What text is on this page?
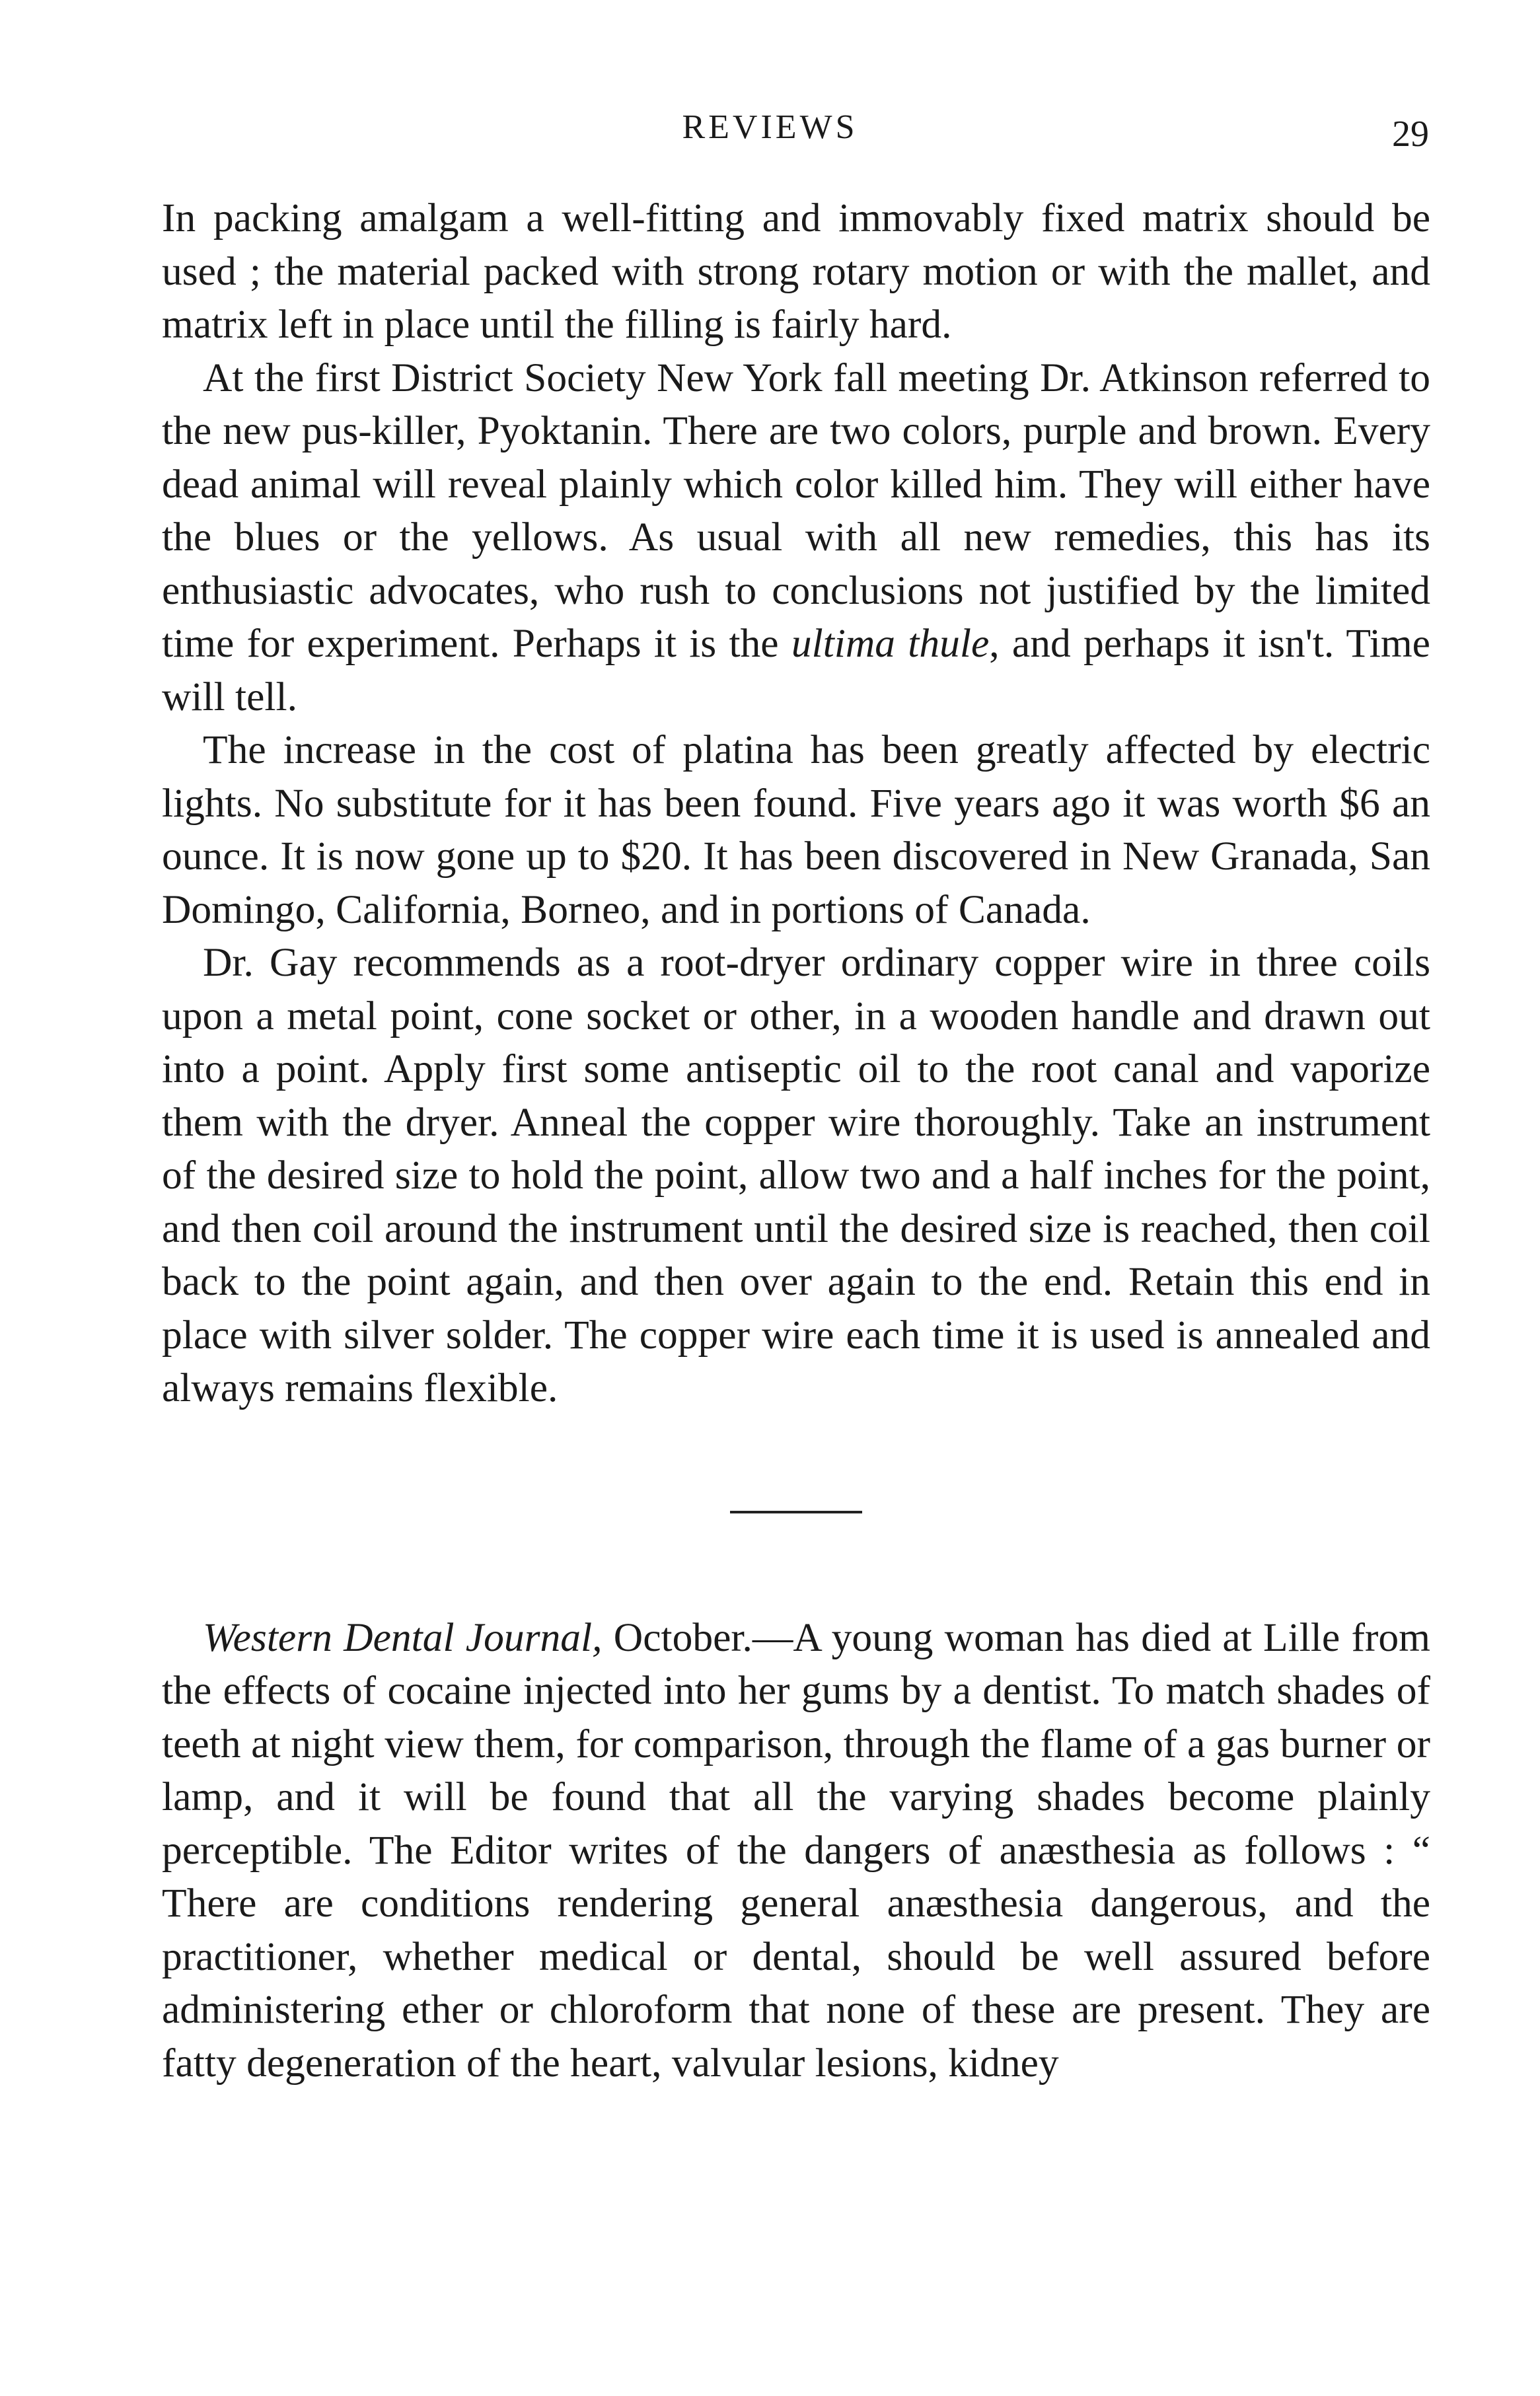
REVIEWS	29

In packing amalgam a well-fitting and immovably fixed matrix should be used ; the material packed with strong rotary motion or with the mallet, and matrix left in place until the filling is fairly hard.

At the first District Society New York fall meeting Dr. Atkinson referred to the new pus-killer, Pyoktanin. There are two colors, purple and brown. Every dead animal will reveal plainly which color killed him. They will either have the blues or the yellows. As usual with all new remedies, this has its enthusiastic advocates, who rush to conclusions not justified by the limited time for experiment. Perhaps it is the ultima thule, and perhaps it isn't. Time will tell.

The increase in the cost of platina has been greatly affected by electric lights. No substitute for it has been found. Five years ago it was worth $6 an ounce. It is now gone up to $20. It has been discovered in New Granada, San Domingo, California, Borneo, and in portions of Canada.

Dr. Gay recommends as a root-dryer ordinary copper wire in three coils upon a metal point, cone socket or other, in a wooden handle and drawn out into a point. Apply first some antiseptic oil to the root canal and vaporize them with the dryer. Anneal the copper wire thoroughly. Take an instrument of the desired size to hold the point, allow two and a half inches for the point, and then coil around the instrument until the desired size is reached, then coil back to the point again, and then over again to the end. Retain this end in place with silver solder. The copper wire each time it is used is annealed and always remains flexible.

Western Dental Journal, October.—A young woman has died at Lille from the effects of cocaine injected into her gums by a dentist. To match shades of teeth at night view them, for comparison, through the flame of a gas burner or lamp, and it will be found that all the varying shades become plainly perceptible. The Editor writes of the dangers of anæsthesia as follows : “ There are conditions rendering general anæsthesia dangerous, and the practitioner, whether medical or dental, should be well assured before administering ether or chloroform that none of these are present. They are fatty degeneration of the heart, valvular lesions, kidney
